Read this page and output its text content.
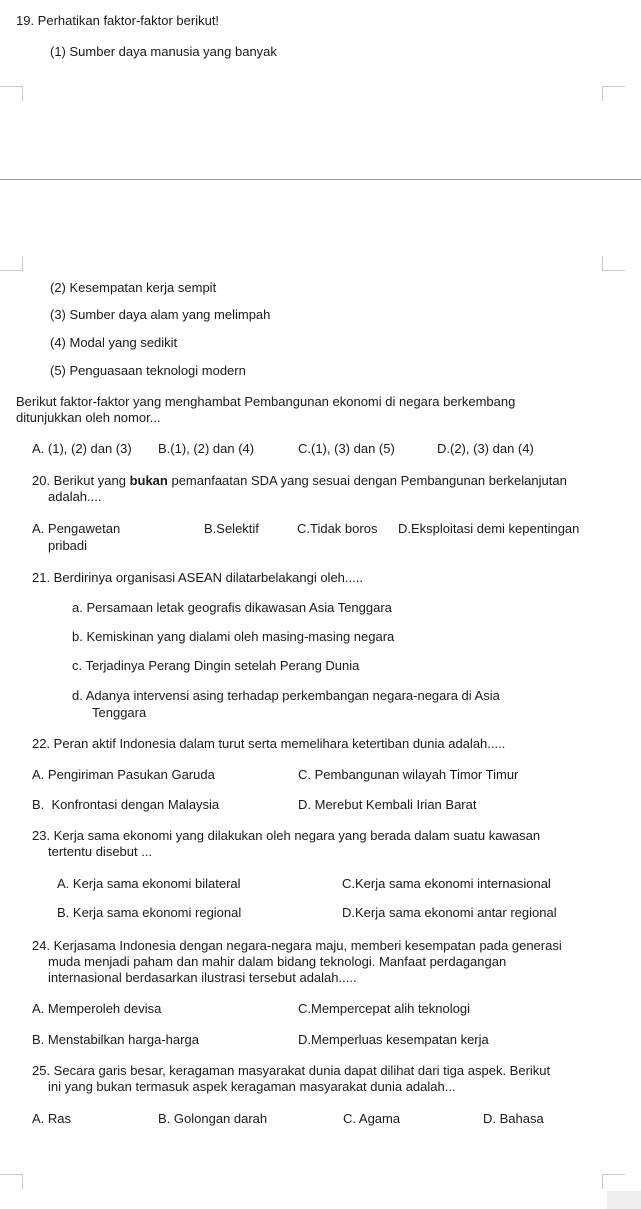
19. Perhatikan faktor-faktor berikut!
(1) Sumber daya manusia yang banyak
(2) Kesempatan kerja sempit
(3) Sumber daya alam yang melimpah
(4) Modal yang sedikit
(5) Penguasaan teknologi modern
Berikut faktor-faktor yang menghambat Pembangunan ekonomi di negara berkembang
ditunjukkan oleh nomor...
A. (1), (2) dan (3) B.(1), (2) dan (4)	C.(1), (3) dan (5)	D.(2), (3) dan (4)
20. Berikut yang bukan pemanfaatan SDA yang sesuai dengan Pembangunan berkelanjutan
adalah....
A. Pengawetan
pribadi
B.Selektif	C.Tidak boros D.Eksploitasi demi kepentingan
21. Berdirinya organisasi ASEAN dilatarbelakangi oleh.....
a. Persamaan letak geografis dikawasan Asia Tenggara
b. Kemiskinan yang dialami oleh masing-masing negara
c. Terjadinya Perang Dingin setelah Perang Dunia
d. Adanya intervensi asing terhadap perkembangan negara-negara di Asia
Tenggara
22. Peran aktif Indonesia dalam turut serta memelihara ketertiban dunia adalah.....
A. Pengiriman Pasukan Garuda	C. Pembangunan wilayah Timor Timur
B.  Konfrontasi dengan Malaysia	D. Merebut Kembali Irian Barat
23. Kerja sama ekonomi yang dilakukan oleh negara yang berada dalam suatu kawasan
tertentu disebut ...
A. Kerja sama ekonomi bilateral	C.Kerja sama ekonomi internasional
B. Kerja sama ekonomi regional	D.Kerja sama ekonomi antar regional
24. Kerjasama Indonesia dengan negara-negara maju, memberi kesempatan pada generasi
muda menjadi paham dan mahir dalam bidang teknologi. Manfaat perdagangan
internasional berdasarkan ilustrasi tersebut adalah.....
A. Memperoleh devisa	C.Mempercepat alih teknologi
B. Menstabilkan harga-harga	D.Memperluas kesempatan kerja
25. Secara garis besar, keragaman masyarakat dunia dapat dilihat dari tiga aspek. Berikut
ini yang bukan termasuk aspek keragaman masyarakat dunia adalah...
A. Ras	B. Golongan darah	C. Agama	D. Bahasa
